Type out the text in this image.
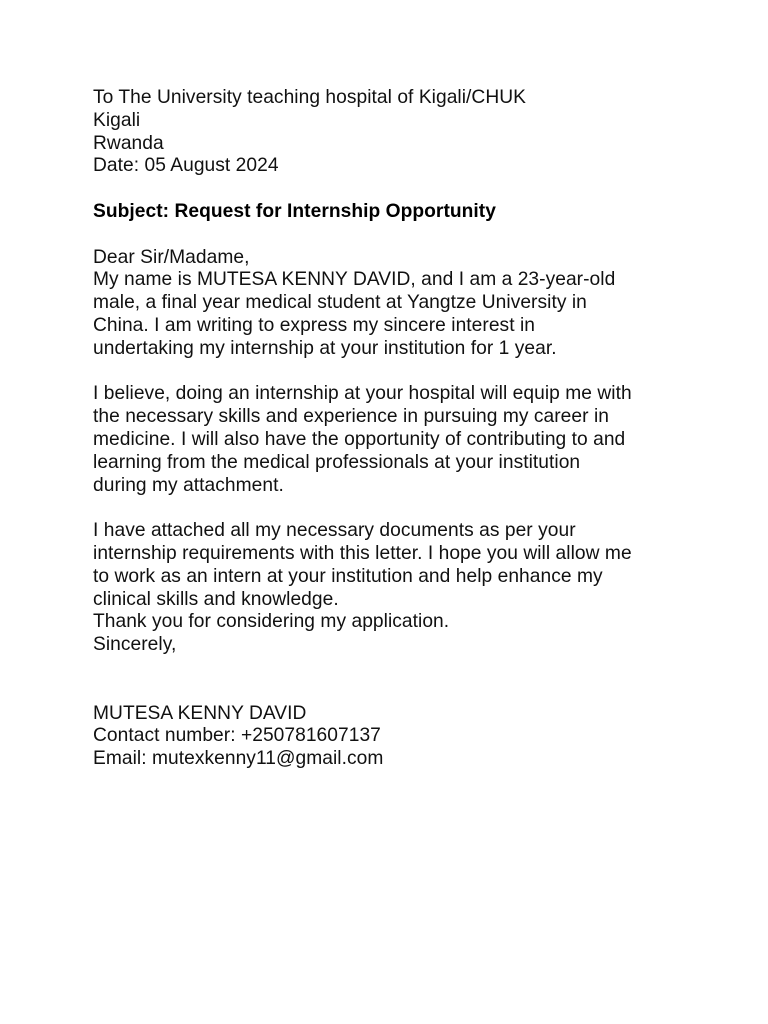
To The University teaching hospital of Kigali/CHUK
Kigali
Rwanda
Date: 05 August 2024
Subject: Request for Internship Opportunity
Dear Sir/Madame,
My name is MUTESA KENNY DAVID, and I am a 23-year-old
male, a final year medical student at Yangtze University in
China. I am writing to express my sincere interest in
undertaking my internship at your institution for 1 year.
I believe, doing an internship at your hospital will equip me with
the necessary skills and experience in pursuing my career in
medicine. I will also have the opportunity of contributing to and
learning from the medical professionals at your institution
during my attachment.
I have attached all my necessary documents as per your
internship requirements with this letter. I hope you will allow me
to work as an intern at your institution and help enhance my
clinical skills and knowledge.
Thank you for considering my application.
Sincerely,
MUTESA KENNY DAVID
Contact number: +250781607137
Email: mutexkenny11@gmail.com
